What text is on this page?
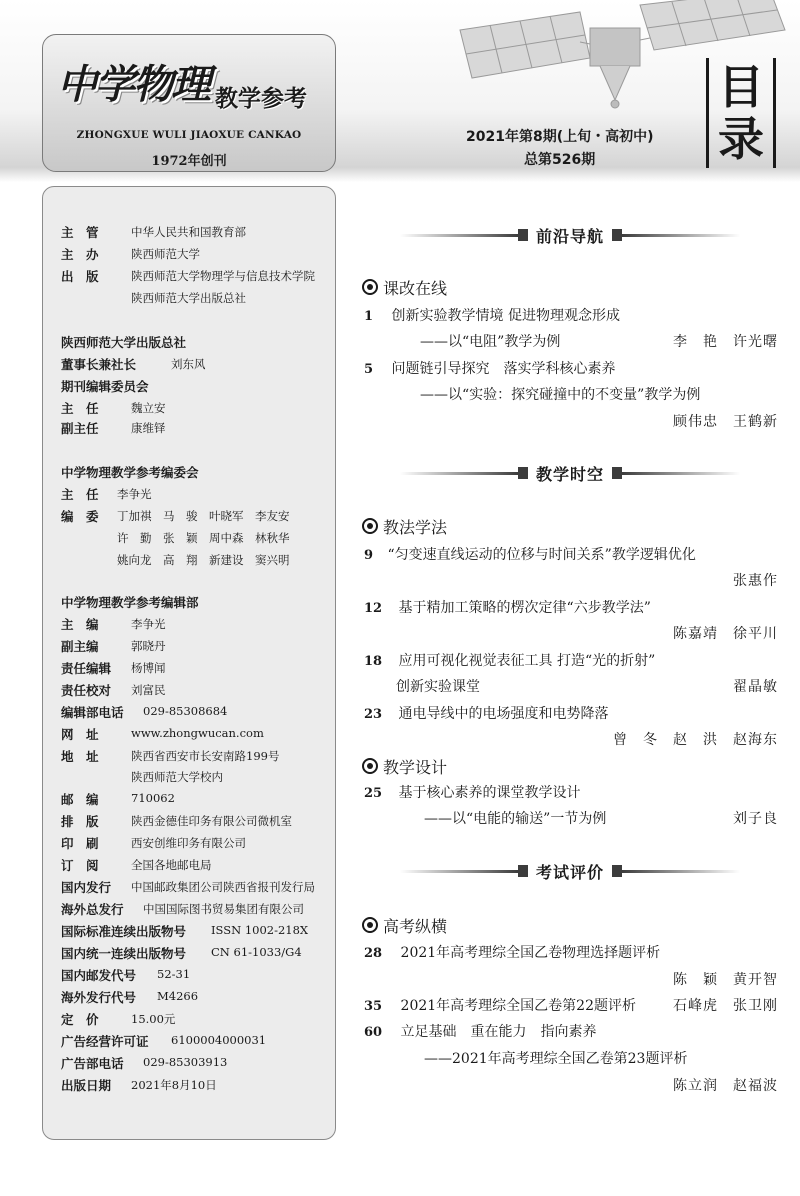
中学物理 教学参考
ZHONGXUE WULI JIAOXUE CANKAO
1972年创刊
2021年第8期(上旬・高初中)
总第526期
目
录
主　管	中华人民共和国教育部
主　办	陕西师范大学
出　版	陕西师范大学物理学与信息技术学院
陕西师范大学出版总社
陕西师范大学出版总社
董事长兼社长	刘东风
期刊编辑委员会
主　任	魏立安
副主任	康维铎
中学物理教学参考编委会
主　任 李争光
编　委 丁加祺　马　骏　叶晓军　李友安
许　勤　张　颖　周中森　林秋华
姚向龙　高　翔　新建设　窦兴明
中学物理教学参考编辑部
主　编	李争光
副主编	郭晓丹
责任编辑 杨博闻
责任校对 刘富民
编辑部电话 029-85308684
网　址	www.zhongwucan.com
地　址	陕西省西安市长安南路199号
陕西师范大学校内
邮　编	710062
排　版	陕西金德佳印务有限公司微机室
印　刷	西安创维印务有限公司
订　阅	全国各地邮电局
国内发行 中国邮政集团公司陕西省报刊发行局
海外总发行 中国国际图书贸易集团有限公司
国际标准连续出版物号 ISSN 1002-218X
国内统一连续出版物号 CN 61-1033/G4
国内邮发代号 52-31
海外发行代号 M4266
定　价	15.00元
广告经营许可证 6100004000031
广告部电话 029-85303913
出版日期 2021年8月10日
前沿导航
课改在线
1 创新实验教学情境 促进物理观念形成
——以“电阻”教学为例	李　艳　许光曙
5 问题链引导探究　落实学科核心素养
——以“实验：探究碰撞中的不变量”教学为例
顾伟忠　王鹤新
教学时空
教法学法
9 “匀变速直线运动的位移与时间关系”教学逻辑优化
张惠作
12 基于精加工策略的楞次定律“六步教学法”
陈嘉靖　徐平川
18 应用可视化视觉表征工具 打造“光的折射”
创新实验课堂	翟晶敏
23 通电导线中的电场强度和电势降落
曾　冬　赵　洪　赵海东
教学设计
25 基于核心素养的课堂教学设计
——以“电能的输送”一节为例	刘子良
考试评价
高考纵横
28 2021年高考理综全国乙卷物理选择题评析
陈　颖　黄开智
35 2021年高考理综全国乙卷第22题评析	石峰虎　张卫刚
60 立足基础　重在能力　指向素养
——2021年高考理综全国乙卷第23题评析
陈立润　赵福波
